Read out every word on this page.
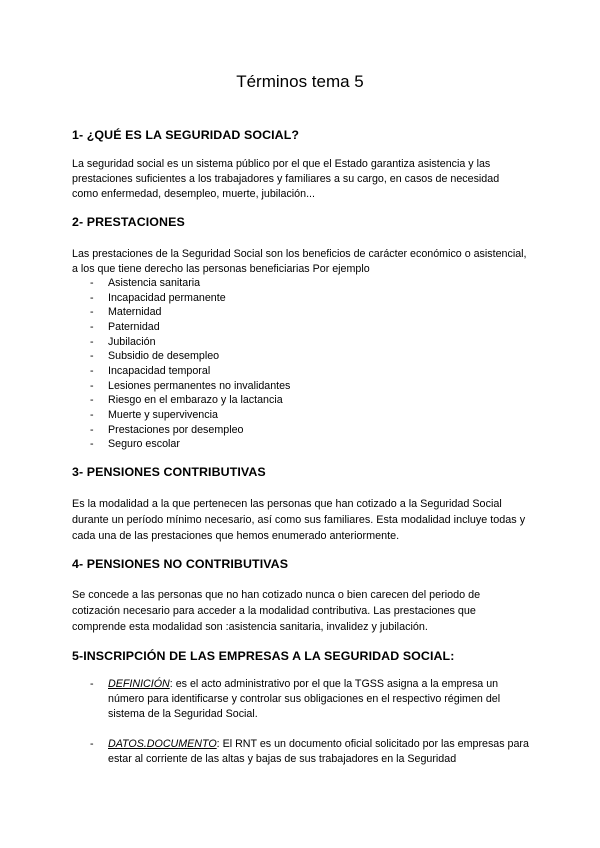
Términos tema 5
1- ¿QUÉ ES LA SEGURIDAD SOCIAL?
La seguridad social es un sistema público por el que el Estado garantiza asistencia y las prestaciones suficientes a los trabajadores y familiares a su cargo, en casos de necesidad como enfermedad, desempleo, muerte, jubilación...
2- PRESTACIONES
Las prestaciones de la Seguridad Social son los beneficios de carácter económico o asistencial, a los que tiene derecho las personas beneficiarias Por ejemplo
- Asistencia sanitaria
- Incapacidad permanente
- Maternidad
- Paternidad
- Jubilación
- Subsidio de desempleo
- Incapacidad temporal
- Lesiones permanentes no invalidantes
- Riesgo en el embarazo y la lactancia
- Muerte y supervivencia
- Prestaciones por desempleo
- Seguro escolar
3- PENSIONES CONTRIBUTIVAS
Es la modalidad a la que pertenecen las personas que han cotizado a la Seguridad Social durante un período mínimo necesario, así como sus familiares. Esta modalidad incluye todas y cada una de las prestaciones que hemos enumerado anteriormente.
4- PENSIONES NO CONTRIBUTIVAS
Se concede a las personas que no han cotizado nunca o bien carecen del periodo de cotización necesario para acceder a la modalidad contributiva. Las prestaciones que comprende esta modalidad son :asistencia sanitaria, invalidez y jubilación.
5-INSCRIPCIÓN DE LAS EMPRESAS A LA SEGURIDAD SOCIAL:
- DEFINICIÓN: es el acto administrativo por el que la TGSS asigna a la empresa un número para identificarse y controlar sus obligaciones en el respectivo régimen del sistema de la Seguridad Social.
- DATOS.DOCUMENTO: El RNT es un documento oficial solicitado por las empresas para estar al corriente de las altas y bajas de sus trabajadores en la Seguridad
